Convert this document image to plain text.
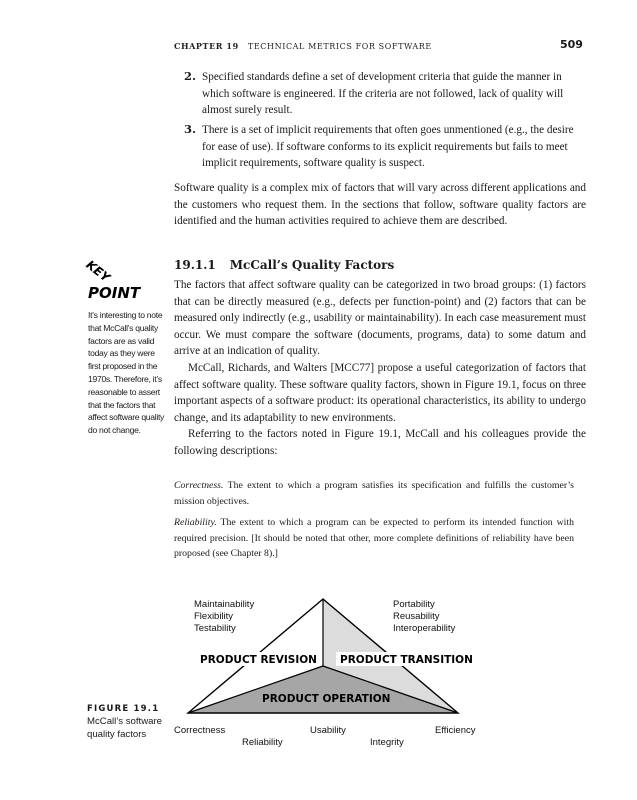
CHAPTER 19 TECHNICAL METRICS FOR SOFTWARE	509
2. Specified standards define a set of development criteria that guide the manner in which software is engineered. If the criteria are not followed, lack of quality will almost surely result.
3. There is a set of implicit requirements that often goes unmentioned (e.g., the desire for ease of use). If software conforms to its explicit requirements but fails to meet implicit requirements, software quality is suspect.

Software quality is a complex mix of factors that will vary across different applications and the customers who request them. In the sections that follow, software quality factors are identified and the human activities required to achieve them are described.

19.1.1 McCall’s Quality Factors

The factors that affect software quality can be categorized in two broad groups: (1) factors that can be directly measured (e.g., defects per function-point) and (2) factors that can be measured only indirectly (e.g., usability or maintainability). In each case measurement must occur. We must compare the software (documents, programs, data) to some datum and arrive at an indication of quality.

McCall, Richards, and Walters [MCC77] propose a useful categorization of factors that affect software quality. These software quality factors, shown in Figure 19.1, focus on three important aspects of a software product: its operational characteristics, its ability to undergo change, and its adaptability to new environments.

Referring to the factors noted in Figure 19.1, McCall and his colleagues provide the following descriptions:

Correctness. The extent to which a program satisfies its specification and fulfills the customer’s mission objectives.

Reliability. The extent to which a program can be expected to perform its intended function with required precision. [It should be noted that other, more complete definitions of reliability have been proposed (see Chapter 8).]

KEY
POINT
It’s interesting to note that McCall’s quality factors are as valid today as they were first proposed in the 1970s. Therefore, it’s reasonable to assert that the factors that affect software quality do not change.
FIGURE 19.1
McCall’s software quality factors
Maintainability
Flexibility
Testability
Portability
Reusability
Interoperability
PRODUCT REVISION PRODUCT TRANSITION
PRODUCT OPERATION
Correctness
Reliability
Usability
Integrity
Efficiency
